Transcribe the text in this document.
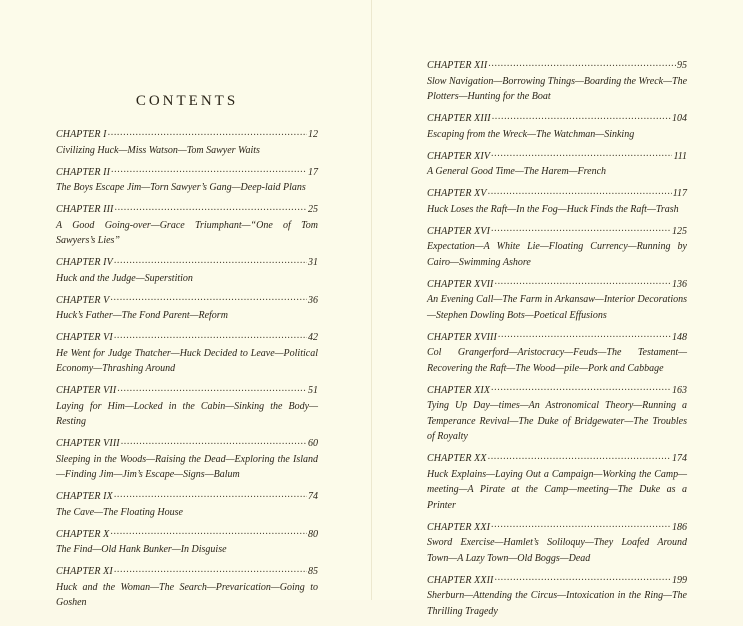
CONTENTS
CHAPTER I .....	12
Civilizing Huck—Miss Watson—Tom Sawyer Waits
CHAPTER II .....	17
The Boys Escape Jim—Torn Sawyer’s Gang—Deep-laid Plans
CHAPTER III .....	25
A Good Going-over—Grace Triumphant—“One of Tom Sawyers’s Lies”
CHAPTER IV .....	31
Huck and the Judge—Superstition
CHAPTER V .....	36
Huck’s Father—The Fond Parent—Reform
CHAPTER VI .....	42
He Went for Judge Thatcher—Huck Decided to Leave—Political Economy—Thrashing Around
CHAPTER VII .....	51
Laying for Him—Locked in the Cabin—Sinking the Body—Resting
CHAPTER VIII .....	60
Sleeping in the Woods—Raising the Dead—Exploring the Island—Finding Jim—Jim’s Escape—Signs—Balum
CHAPTER IX .....	74
The Cave—The Floating House
CHAPTER X .....	80
The Find—Old Hank Bunker—In Disguise
CHAPTER XI .....	85
Huck and the Woman—The Search—Prevarication—Going to Goshen
CHAPTER XII .....	95
Slow Navigation—Borrowing Things—Boarding the Wreck—The Plotters—Hunting for the Boat
CHAPTER XIII .....	104
Escaping from the Wreck—The Watchman—Sinking
CHAPTER XIV .....	111
A General Good Time—The Harem—French
CHAPTER XV .....	117
Huck Loses the Raft—In the Fog—Huck Finds the Raft—Trash
CHAPTER XVI .....	125
Expectation—A White Lie—Floating Currency—Running by Cairo—Swimming Ashore
CHAPTER XVII .....	136
An Evening Call—The Farm in Arkansaw—Interior Decorations—Stephen Dowling Bots—Poetical Effusions
CHAPTER XVIII .....	148
Col Grangerford—Aristocracy—Feuds—The Testament—Recovering the Raft—The Wood—pile—Pork and Cabbage
CHAPTER XIX .....	163
Tying Up Day—times—An Astronomical Theory—Running a Temperance Revival—The Duke of Bridgewater—The Troubles of Royalty
CHAPTER XX .....	174
Huck Explains—Laying Out a Campaign—Working the Camp—meeting—A Pirate at the Camp—meeting—The Duke as a Printer
CHAPTER XXI .....	186
Sword Exercise—Hamlet’s Soliloquy—They Loafed Around Town—A Lazy Town—Old Boggs—Dead
CHAPTER XXII .....	199
Sherburn—Attending the Circus—Intoxication in the Ring—The Thrilling Tragedy
